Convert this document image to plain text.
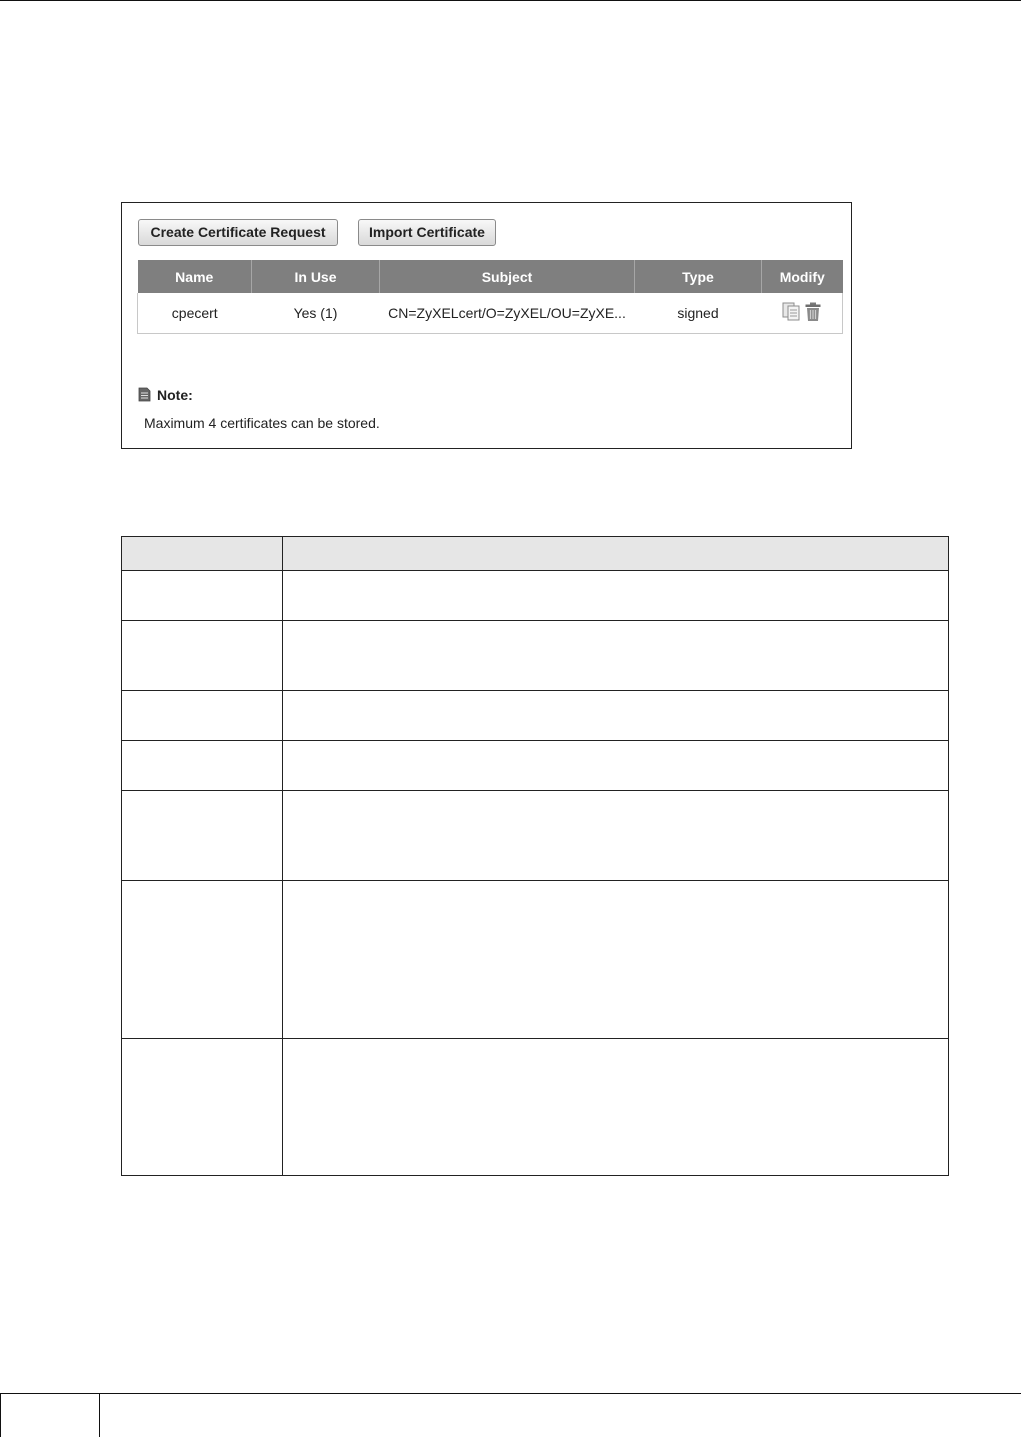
Create Certificate Request	Import Certificate
Name	In Use	Subject	Type	Modify
cpecert	Yes (1)	CN=ZyXELcert/O=ZyXEL/OU=ZyXE...	signed	
Note:
Maximum 4 certificates can be stored.
